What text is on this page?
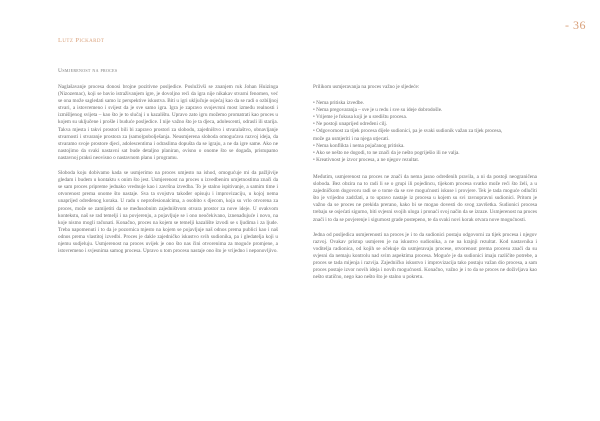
- 36
Lutz Pickardt
Usmjerenost na proces

Naglašavanje procesa donosi brojne pozitivne posljedice. Posluživši se znanjem ruk Johan Huizinga (Nizozemac), koji se bavio istraživanjem igre, je dovoljno reći da igra nije nikakav stvarni fenomen, već se ona može sagledati samo iz perspektive iskustva. Biti u igri uključuje osjećaj kao da se radi o ozbiljnoj stvari, a istovremeno i svijest da je sve samo igra. Igra je zapravo svojevrsni most između realnosti i izmišljenog svijeta – kao što je to slučaj i u kazalištu. Upravo zato igru možemo promatrati kao proces u kojem su uključene i prošle i buduće posljedice. I nije važno što je ta djeca, adolescenti, odrasli ili starija. Takva mjesta i takvi prostori bili bi zapravo prostori za slobodu, zajedništvo i stvaralaštvo, obnavljanje stvarnosti i stvaranje prostora za (samo)pobolješanja. Neusmjerena sloboda omogućava razvoj ideja, da stvaramo svoje prostore djeci, adolescentima i odraslima dopušta da se igraju, a ne da igre same. Ako ne nastojimo da svaki nastavni sat bude detaljno planiran, ovisno o onome što se događa, pristupamo nastavnoj praksi neovisno o nastavnom planu i programu.

Sloboda koju dobivamo kada se usmjerimo na proces umjesto na ishod, omogućuje mi da pažljivije gledam i budem u kontaktu s onim što jest. Usmjerenost na proces u izvedbenim umjetnostima znači da se sam proces pripreme jednako vrednuje kao i završna izvedba. To je stalno ispitivanje, a samim time i otvorenost prema onome što nastaje. Sva ta svojstva također opisuju i improvizaciju, u kojoj nema unaprijed određenog koraka. U radu s neprofesionalcima, a osobito s djecom, koja su vrlo otvorena za proces, može se zamijetiti da se međusobnim zajedništvom otvara prostor za nove ideje. U ovakvom kontekstu, naš se rad temelji i na povjerenju, a pojavljuje se i ono neočekivano, iznenađujuće i novo, na koje nismo mogli računati. Konačno, proces na kojem se temelji kazalište izvodi se s ljudima i za ljude. Treba napomenuti i to da je pozornica mjesto na kojem se pojavljuje naš odnos prema publici kao i naš odnos prema vlastitoj izvedbi. Proces je dakle zajedničko iskustvo svih sudionika, pa i gledatelja koji u njemu sudjeluju. Usmjerenost na proces uvijek je ono što nas čini otvorenima za moguće promjene, a istovremeno i svjesnima samog procesa. Upravo u tom procesu nastaje ono što je vrijedno i neponovljivo.

Prilikom usmjeravanja na proces važno je sljedeće:

• Nema pritiska izvedbe.
• Nema pregovaranja – sve je u redu i sve su ideje dobrodošle.
• Vrijeme je fokusa koji je u središtu procesa.
• Ne postoji unaprijed određeni cilj.
• Odgovornost za tijek procesa dijele sudionici, pa je svaki sudionik važan za tijek procesa,
može ga usmjeriti i na njega utjecati.
• Nema konflikta i nema pojačanog pritiska.
• Ako se nešto ne dogodi, to ne znači da je nešto pogriješio ili ne valja.
• Kreativnost je izvor procesa, a ne njegov rezultat.

Međutim, usmjerenost na proces ne znači da nema jasno određenih pravila, a ni da postoji neograničena sloboda. Bez obzira na to radi li se o grupi ili pojedincu, tijekom procesa svatko može reći što želi, a u zajedničkom dogovoru radi se o tome da se sve mogućnosti iskuse i provjere. Tek je tada moguće odlučiti što je vrijedno zadržati, a to upravo nastaje iz procesa u kojem su svi ravnopravni sudionici. Pritom je važno da se proces ne prekida prerano, kako bi se mogao dovesti do svog završetka. Sudionici procesa trebaju se osjećati sigurno, biti svjesni svojih uloga i pronaći svoj način da se izraze. Usmjerenost na proces znači i to da se povjerenje i sigurnost grade postepeno, te da svaki novi korak otvara nove mogućnosti.

Jedna od posljedica usmjerenosti na proces je i to da sudionici postaju odgovorni za tijek procesa i njegov razvoj. Ovakav pristup usmjeren je na iskustvo sudionika, a ne na krajnji rezultat. Kod nastavnika i voditelja radionica, od kojih se očekuje da usmjeravaju procese, otvorenost prema procesu znači da su svjesni da nemaju kontrolu nad svim aspektima procesa. Moguće je da sudionici imaju različite potrebe, a proces se tada mijenja i razvija. Zajedničko iskustvo i improvizacija tako postaju važan dio procesa, a sam proces postaje izvor novih ideja i novih mogućnosti. Konačno, važno je i to da se proces ne doživljava kao nešto statično, nego kao nešto što je stalno u pokretu.
